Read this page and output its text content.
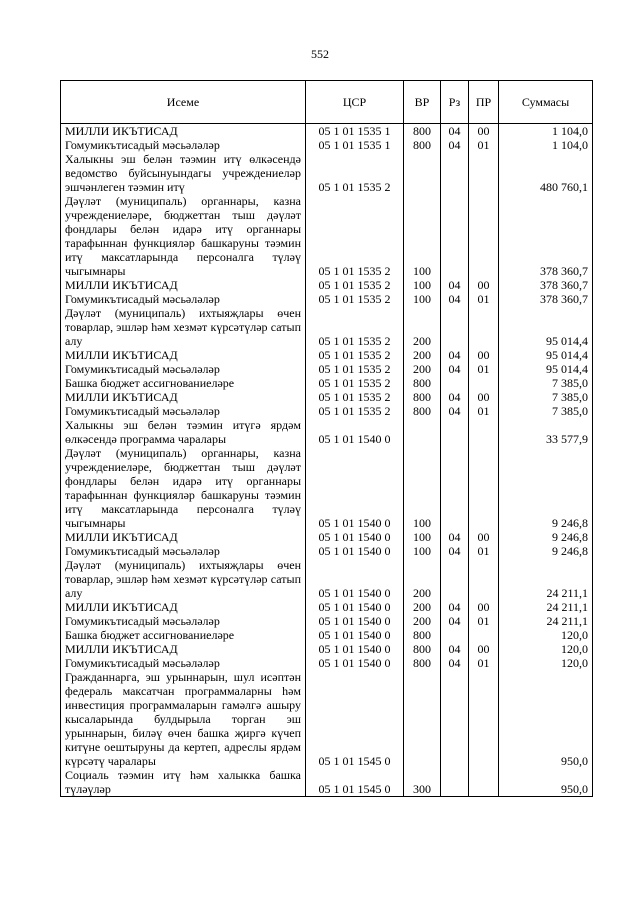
552
Исеме	ЦСР	ВР	Рз	ПР	Суммасы
МИЛЛИ ИКЪТИСАД	05 1 01 1535 1	800	04	00	1 104,0
Гомумикътисадый мәсьәләләр	05 1 01 1535 1	800	04	01	1 104,0
Халыкны эш белән тәэмин итү өлкәсендә ведомство буйсынуындагы учреждениеләр эшчәнлеген тәэмин итү	05 1 01 1535 2				480 760,1
Дәүләт (муниципаль) органнары, казна учреждениеләре, бюджеттан тыш дәүләт фондлары белән идарә итү органнары тарафыннан функцияләр башкаруны тәэмин итү максатларында персоналга түләү чыгымнары	05 1 01 1535 2	100			378 360,7
МИЛЛИ ИКЪТИСАД	05 1 01 1535 2	100	04	00	378 360,7
Гомумикътисадый мәсьәләләр	05 1 01 1535 2	100	04	01	378 360,7
Дәүләт (муниципаль) ихтыяҗлары өчен товарлар, эшләр һәм хезмәт күрсәтүләр сатып алу	05 1 01 1535 2	200			95 014,4
МИЛЛИ ИКЪТИСАД	05 1 01 1535 2	200	04	00	95 014,4
Гомумикътисадый мәсьәләләр	05 1 01 1535 2	200	04	01	95 014,4
Башка бюджет ассигнованиеләре	05 1 01 1535 2	800			7 385,0
МИЛЛИ ИКЪТИСАД	05 1 01 1535 2	800	04	00	7 385,0
Гомумикътисадый мәсьәләләр	05 1 01 1535 2	800	04	01	7 385,0
Халыкны эш белән тәэмин итүгә ярдәм өлкәсендә программа чаралары	05 1 01 1540 0				33 577,9
Дәүләт (муниципаль) органнары, казна учреждениеләре, бюджеттан тыш дәүләт фондлары белән идарә итү органнары тарафыннан функцияләр башкаруны тәэмин итү максатларында персоналга түләү чыгымнары	05 1 01 1540 0	100			9 246,8
МИЛЛИ ИКЪТИСАД	05 1 01 1540 0	100	04	00	9 246,8
Гомумикътисадый мәсьәләләр	05 1 01 1540 0	100	04	01	9 246,8
Дәүләт (муниципаль) ихтыяҗлары өчен товарлар, эшләр һәм хезмәт күрсәтүләр сатып алу	05 1 01 1540 0	200			24 211,1
МИЛЛИ ИКЪТИСАД	05 1 01 1540 0	200	04	00	24 211,1
Гомумикътисадый мәсьәләләр	05 1 01 1540 0	200	04	01	24 211,1
Башка бюджет ассигнованиеләре	05 1 01 1540 0	800			120,0
МИЛЛИ ИКЪТИСАД	05 1 01 1540 0	800	04	00	120,0
Гомумикътисадый мәсьәләләр	05 1 01 1540 0	800	04	01	120,0
Гражданнарга, эш урыннарын, шул исәптән федераль максатчан программаларны һәм инвестиция программаларын гамәлгә ашыру кысаларында булдырыла торган эш урыннарын, биләү өчен башка җиргә күчеп китүне оештыруны да кертеп, адреслы ярдәм күрсәтү чаралары	05 1 01 1545 0				950,0
Социаль тәэмин итү һәм халыкка башка түләүләр	05 1 01 1545 0	300			950,0
